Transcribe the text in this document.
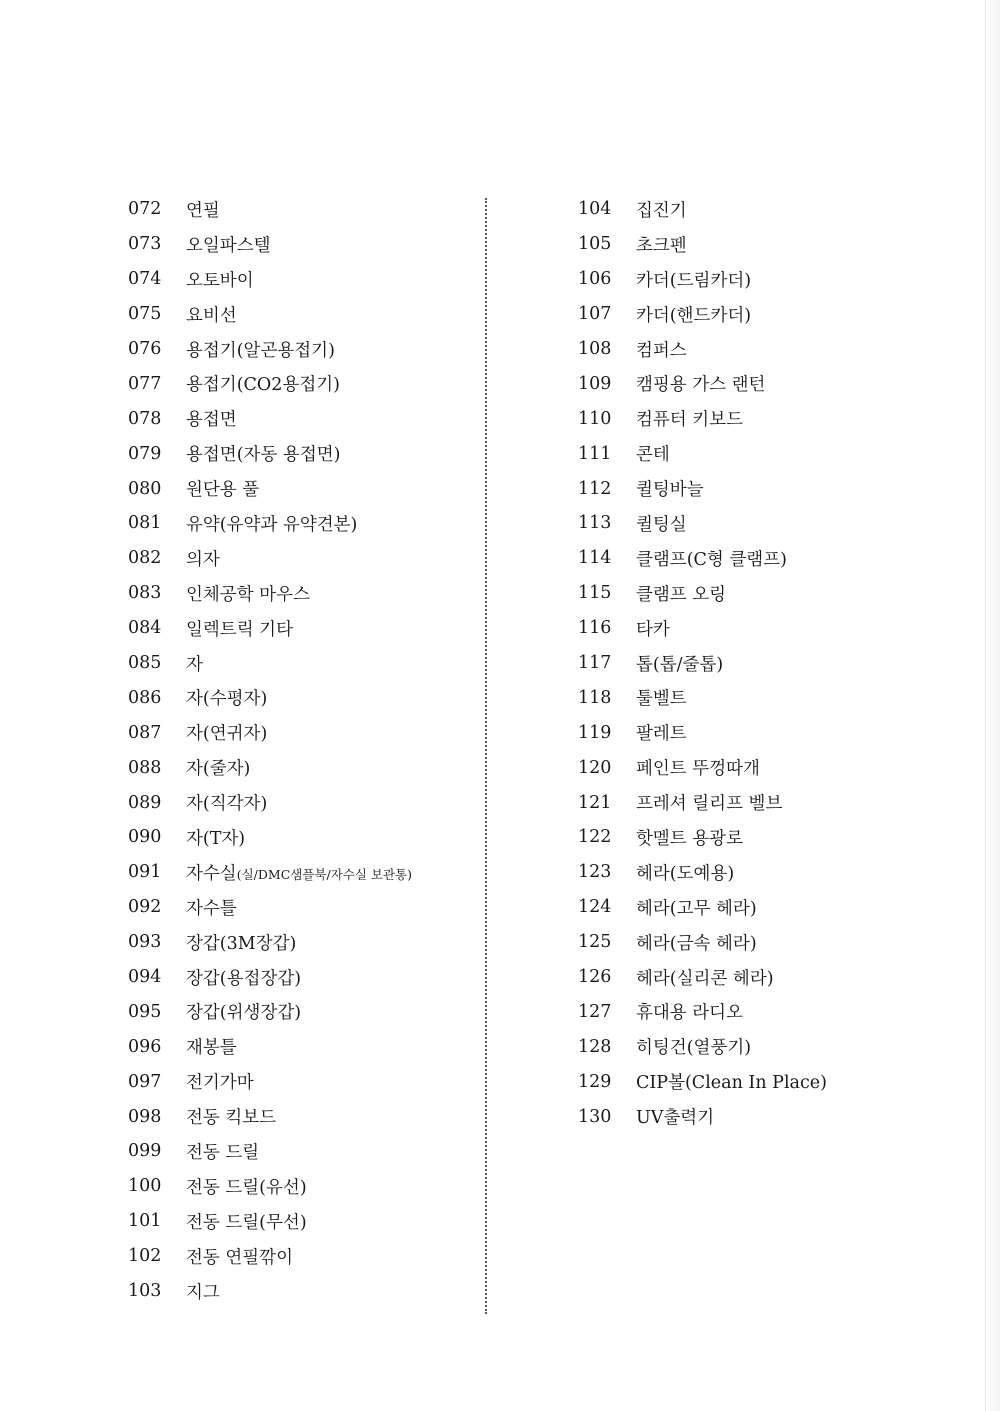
072	연필
073	오일파스텔
074	오토바이
075	요비선
076	용접기(알곤용접기)
077	용접기(CO2용접기)
078	용접면
079	용접면(자동 용접면)
080	원단용 풀
081	유약(유약과 유약견본)
082	의자
083	인체공학 마우스
084	일렉트릭 기타
085	자
086	자(수평자)
087	자(연귀자)
088	자(줄자)
089	자(직각자)
090	자(T자)
091	자수실(실/DMC샘플북/자수실 보관통)
092	자수틀
093	장갑(3M장갑)
094	장갑(용접장갑)
095	장갑(위생장갑)
096	재봉틀
097	전기가마
098	전동 킥보드
099	전동 드릴
100	전동 드릴(유선)
101	전동 드릴(무선)
102	전동 연필깎이
103	지그
104	집진기
105	초크펜
106	카더(드림카더)
107	카더(핸드카더)
108	컴퍼스
109	캠핑용 가스 랜턴
110	컴퓨터 키보드
111	콘테
112	퀼팅바늘
113	퀼팅실
114	클램프(C형 클램프)
115	클램프 오링
116	타카
117	톱(톱/줄톱)
118	툴벨트
119	팔레트
120	페인트 뚜껑따개
121	프레셔 릴리프 벨브
122	핫멜트 용광로
123	헤라(도예용)
124	헤라(고무 헤라)
125	헤라(금속 헤라)
126	헤라(실리콘 헤라)
127	휴대용 라디오
128	히팅건(열풍기)
129	CIP볼(Clean In Place)
130	UV출력기
